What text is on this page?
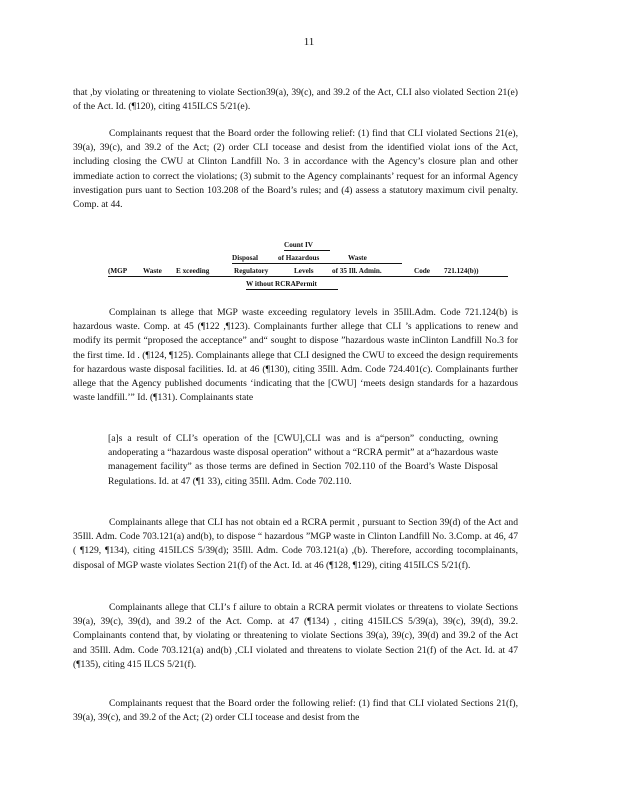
11

that ,by violating or threatening to violate Section39(a), 39(c), and 39.2 of the Act, CLI also violated Section 21(e) of the Act. Id. (¶120), citing 415ILCS 5/21(e).

Complainants request that the Board order the following relief: (1) find that CLI violated Sections 21(e), 39(a), 39(c), and 39.2 of the Act; (2) order CLI tocease and desist from the identified violat ions of the Act, including closing the CWU at Clinton Landfill No. 3 in accordance with the Agency’s closure plan and other immediate action to correct the violations; (3) submit to the Agency complainants’ request for an informal Agency investigation purs uant to Section 103.208 of the Board’s rules; and (4) assess a statutory maximum civil penalty. Comp. at 44.

Count IV
Disposal	of Hazardous	Waste
(MGP Waste E xceeding	Regulatory	Levels	of 35 Ill. Admin.	Code 721.124(b))
W ithout RCRAPermit

Complainan ts allege that MGP waste exceeding regulatory levels in 35Ill.Adm. Code 721.124(b) is hazardous waste. Comp. at 45 (¶122 ,¶123). Complainants further allege that CLI ’s applications to renew and modify its permit “proposed the acceptance” and“ sought to dispose ”hazardous waste inClinton Landfill No.3 for the first time. Id . (¶124, ¶125). Complainants allege that CLI designed the CWU to exceed the design requirements for hazardous waste disposal facilities. Id. at 46 (¶130), citing 35Ill. Adm. Code 724.401(c). Complainants further allege that the Agency published documents ‘indicating that the [CWU] ‘meets design standards for a hazardous waste landfill.’” Id. (¶131). Complainants state

[a]s a result of CLI’s operation of the [CWU],CLI was and is a“person” conducting, owning andoperating a “hazardous waste disposal operation” without a “RCRA permit” at a“hazardous waste management facility” as those terms are defined in Section 702.110 of the Board’s Waste Disposal Regulations. Id. at 47 (¶1 33), citing 35Ill. Adm. Code 702.110.

Complainants allege that CLI has not obtain ed a RCRA permit , pursuant to Section 39(d) of the Act and 35Ill. Adm. Code 703.121(a) and(b), to dispose “ hazardous ”MGP waste in Clinton Landfill No. 3.Comp. at 46, 47 ( ¶129, ¶134), citing 415ILCS 5/39(d); 35Ill. Adm. Code 703.121(a) ,(b). Therefore, according tocomplainants, disposal of MGP waste violates Section 21(f) of the Act. Id. at 46 (¶128, ¶129), citing 415ILCS 5/21(f).

Complainants allege that CLI’s f ailure to obtain a RCRA permit violates or threatens to violate Sections 39(a), 39(c), 39(d), and 39.2 of the Act. Comp. at 47 (¶134) , citing 415ILCS 5/39(a), 39(c), 39(d), 39.2. Complainants contend that, by violating or threatening to violate Sections 39(a), 39(c), 39(d) and 39.2 of the Act and 35Ill. Adm. Code 703.121(a) and(b) ,CLI violated and threatens to violate Section 21(f) of the Act. Id. at 47 (¶135), citing 415 ILCS 5/21(f).

Complainants request that the Board order the following relief: (1) find that CLI violated Sections 21(f), 39(a), 39(c), and 39.2 of the Act; (2) order CLI tocease and desist from the
